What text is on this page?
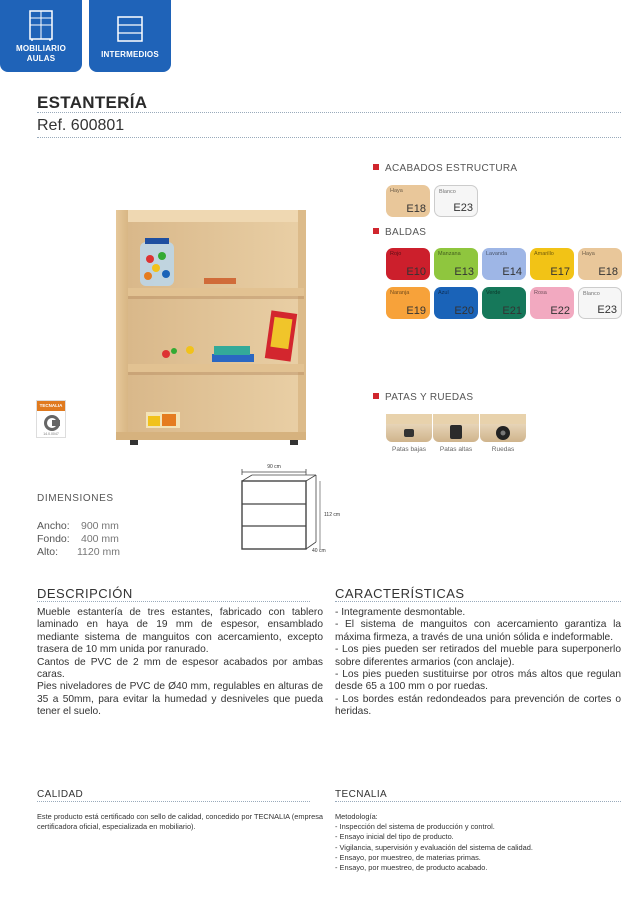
MOBILIARIO
AULAS	INTERMEDIOS
ESTANTERÍA
Ref. 600801
TECNALIA
14.0.0047
ACABADOS ESTRUCTURA
Haya
E18
Blanco
E23
BALDAS
Rojo
E10
Manzana
E13
Lavanda
E14
Amarillo
E17
Haya
E18
Naranja
E19
Azul
E20
Verde
E21
Rosa
E22
Blanco
E23
PATAS Y RUEDAS
Patas bajas	Patas altas	Ruedas
90 cm
112 cm
40 cm
DIMENSIONES
Ancho: 900 mm
Fondo: 400 mm
Alto: 1120 mm
DESCRIPCIÓN
Mueble estantería de tres estantes, fabricado con tablero laminado en haya de 19 mm de espesor, ensamblado mediante sistema de manguitos con acercamiento, excepto trasera de 10 mm unida por ranurado.
Cantos de PVC de 2 mm de espesor acabados por ambas caras.
Pies niveladores de PVC de Ø40 mm, regulables en alturas de 35 a 50mm, para evitar la humedad y desniveles que pueda tener el suelo.
CARACTERÍSTICAS
- Integramente desmontable.
- El sistema de manguitos con acercamiento garantiza la máxima firmeza, a través de una unión sólida e indeformable.
- Los pies pueden ser retirados del mueble para superponerlo sobre diferentes armarios (con anclaje).
- Los pies pueden sustituirse por otros más altos que regulan desde 65 a 100 mm o por ruedas.
- Los bordes están redondeados para prevención de cortes o heridas.
CALIDAD
Este producto está certificado con sello de calidad, concedido por TECNALIA (empresa certificadora oficial, especializada en mobiliario).
TECNALIA
Metodología:
- Inspección del sistema de producción y control.
- Ensayo inicial del tipo de producto.
- Vigilancia, supervisión y evaluación del sistema de calidad.
- Ensayo, por muestreo, de materias primas.
- Ensayo, por muestreo, de producto acabado.
